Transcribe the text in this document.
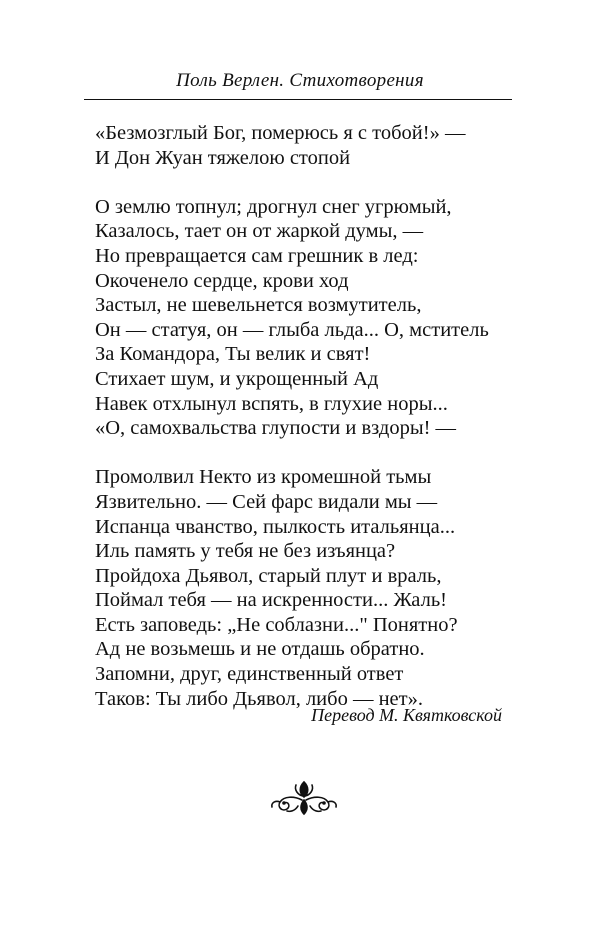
Поль Верлен. Стихотворения
«Безмозглый Бог, померюсь я с тобой!» —
И Дон Жуан тяжелою стопой
О землю топнул; дрогнул снег угрюмый,
Казалось, тает он от жаркой думы, —
Но превращается сам грешник в лед:
Окоченело сердце, крови ход
Застыл, не шевельнется возмутитель,
Он — статуя, он — глыба льда... О, мститель
За Командора, Ты велик и свят!
Стихает шум, и укрощенный Ад
Навек отхлынул вспять, в глухие норы...
«О, самохвальства глупости и вздоры! —
Промолвил Некто из кромешной тьмы
Язвительно. — Сей фарс видали мы —
Испанца чванство, пылкость итальянца...
Иль память у тебя не без изъянца?
Пройдоха Дьявол, старый плут и враль,
Поймал тебя — на искренности... Жаль!
Есть заповедь: „Не соблазни..." Понятно?
Ад не возьмешь и не отдашь обратно.
Запомни, друг, единственный ответ
Таков: Ты либо Дьявол, либо — нет».
Перевод М. Квятковской
